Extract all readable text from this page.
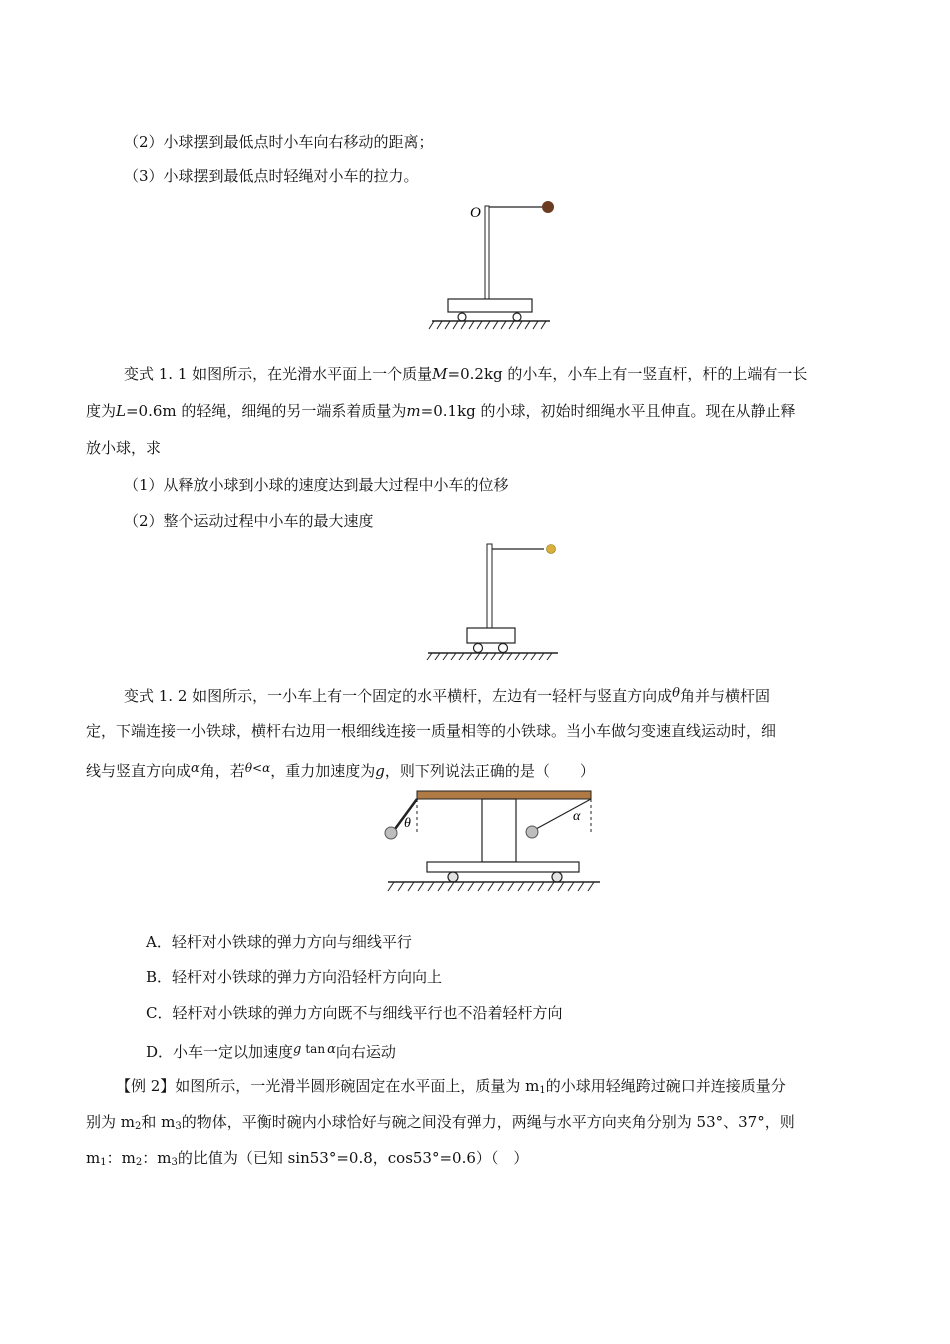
（2）小球摆到最低点时小车向右移动的距离；
（3）小球摆到最低点时轻绳对小车的拉力。
O
变式 1. 1 如图所示，在光滑水平面上一个质量M=0.2kg 的小车，小车上有一竖直杆，杆的上端有一长
度为L=0.6m 的轻绳，细绳的另一端系着质量为m=0.1kg 的小球，初始时细绳水平且伸直。现在从静止释
放小球，求
（1）从释放小球到小球的速度达到最大过程中小车的位移
（2）整个运动过程中小车的最大速度
变式 1. 2 如图所示，一小车上有一个固定的水平横杆，左边有一轻杆与竖直方向成θ角并与横杆固
定，下端连接一小铁球，横杆右边用一根细线连接一质量相等的小铁球。当小车做匀变速直线运动时，细
线与竖直方向成α角，若$^{\theta<\alpha}$，重力加速度为g，则下列说法正确的是（　　）
θ	α
A．轻杆对小铁球的弹力方向与细线平行
B．轻杆对小铁球的弹力方向沿轻杆方向向上
C．轻杆对小铁球的弹力方向既不与细线平行也不沿着轻杆方向
D．小车一定以加速度g $^{tan}$ α向右运动
【例 2】如图所示，一光滑半圆形碗固定在水平面上，质量为 $m_1$的小球用轻绳跨过碗口并连接质量分
别为 $m_2$和 $m_3$的物体，平衡时碗内小球恰好与碗之间没有弹力，两绳与水平方向夹角分别为 53°、37°，则
$m_1$：$m_2$：$m_3$的比值为（已知 sin53°=0.8，cos53°=0.6）（　）
